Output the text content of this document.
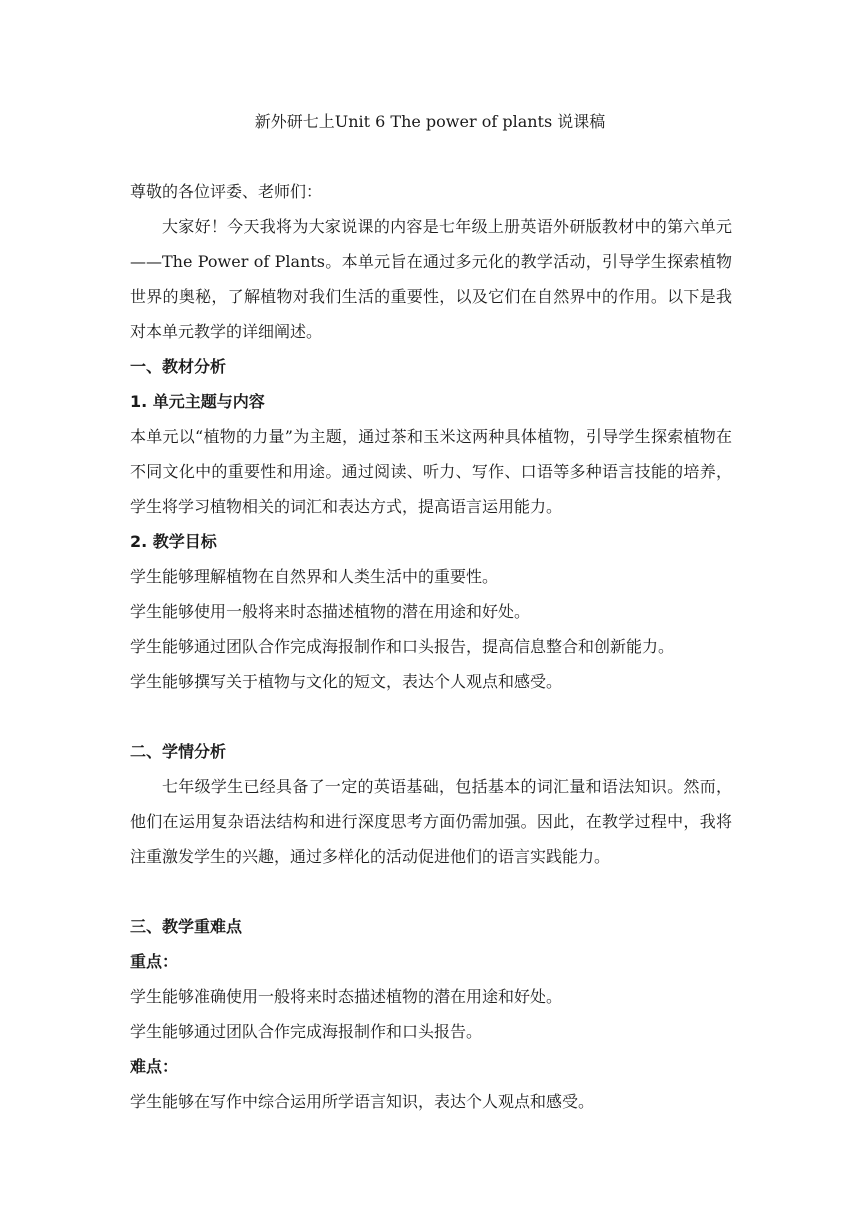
新外研七上Unit 6 The power of plants 说课稿

尊敬的各位评委、老师们：

大家好！今天我将为大家说课的内容是七年级上册英语外研版教材中的第六单元——The Power of Plants。本单元旨在通过多元化的教学活动，引导学生探索植物世界的奥秘，了解植物对我们生活的重要性，以及它们在自然界中的作用。以下是我对本单元教学的详细阐述。

一、教材分析

1. 单元主题与内容

本单元以“植物的力量”为主题，通过茶和玉米这两种具体植物，引导学生探索植物在不同文化中的重要性和用途。通过阅读、听力、写作、口语等多种语言技能的培养，学生将学习植物相关的词汇和表达方式，提高语言运用能力。

2. 教学目标

学生能够理解植物在自然界和人类生活中的重要性。

学生能够使用一般将来时态描述植物的潜在用途和好处。

学生能够通过团队合作完成海报制作和口头报告，提高信息整合和创新能力。

学生能够撰写关于植物与文化的短文，表达个人观点和感受。

二、学情分析

七年级学生已经具备了一定的英语基础，包括基本的词汇量和语法知识。然而，他们在运用复杂语法结构和进行深度思考方面仍需加强。因此，在教学过程中，我将注重激发学生的兴趣，通过多样化的活动促进他们的语言实践能力。

三、教学重难点

重点：

学生能够准确使用一般将来时态描述植物的潜在用途和好处。

学生能够通过团队合作完成海报制作和口头报告。

难点：

学生能够在写作中综合运用所学语言知识，表达个人观点和感受。
